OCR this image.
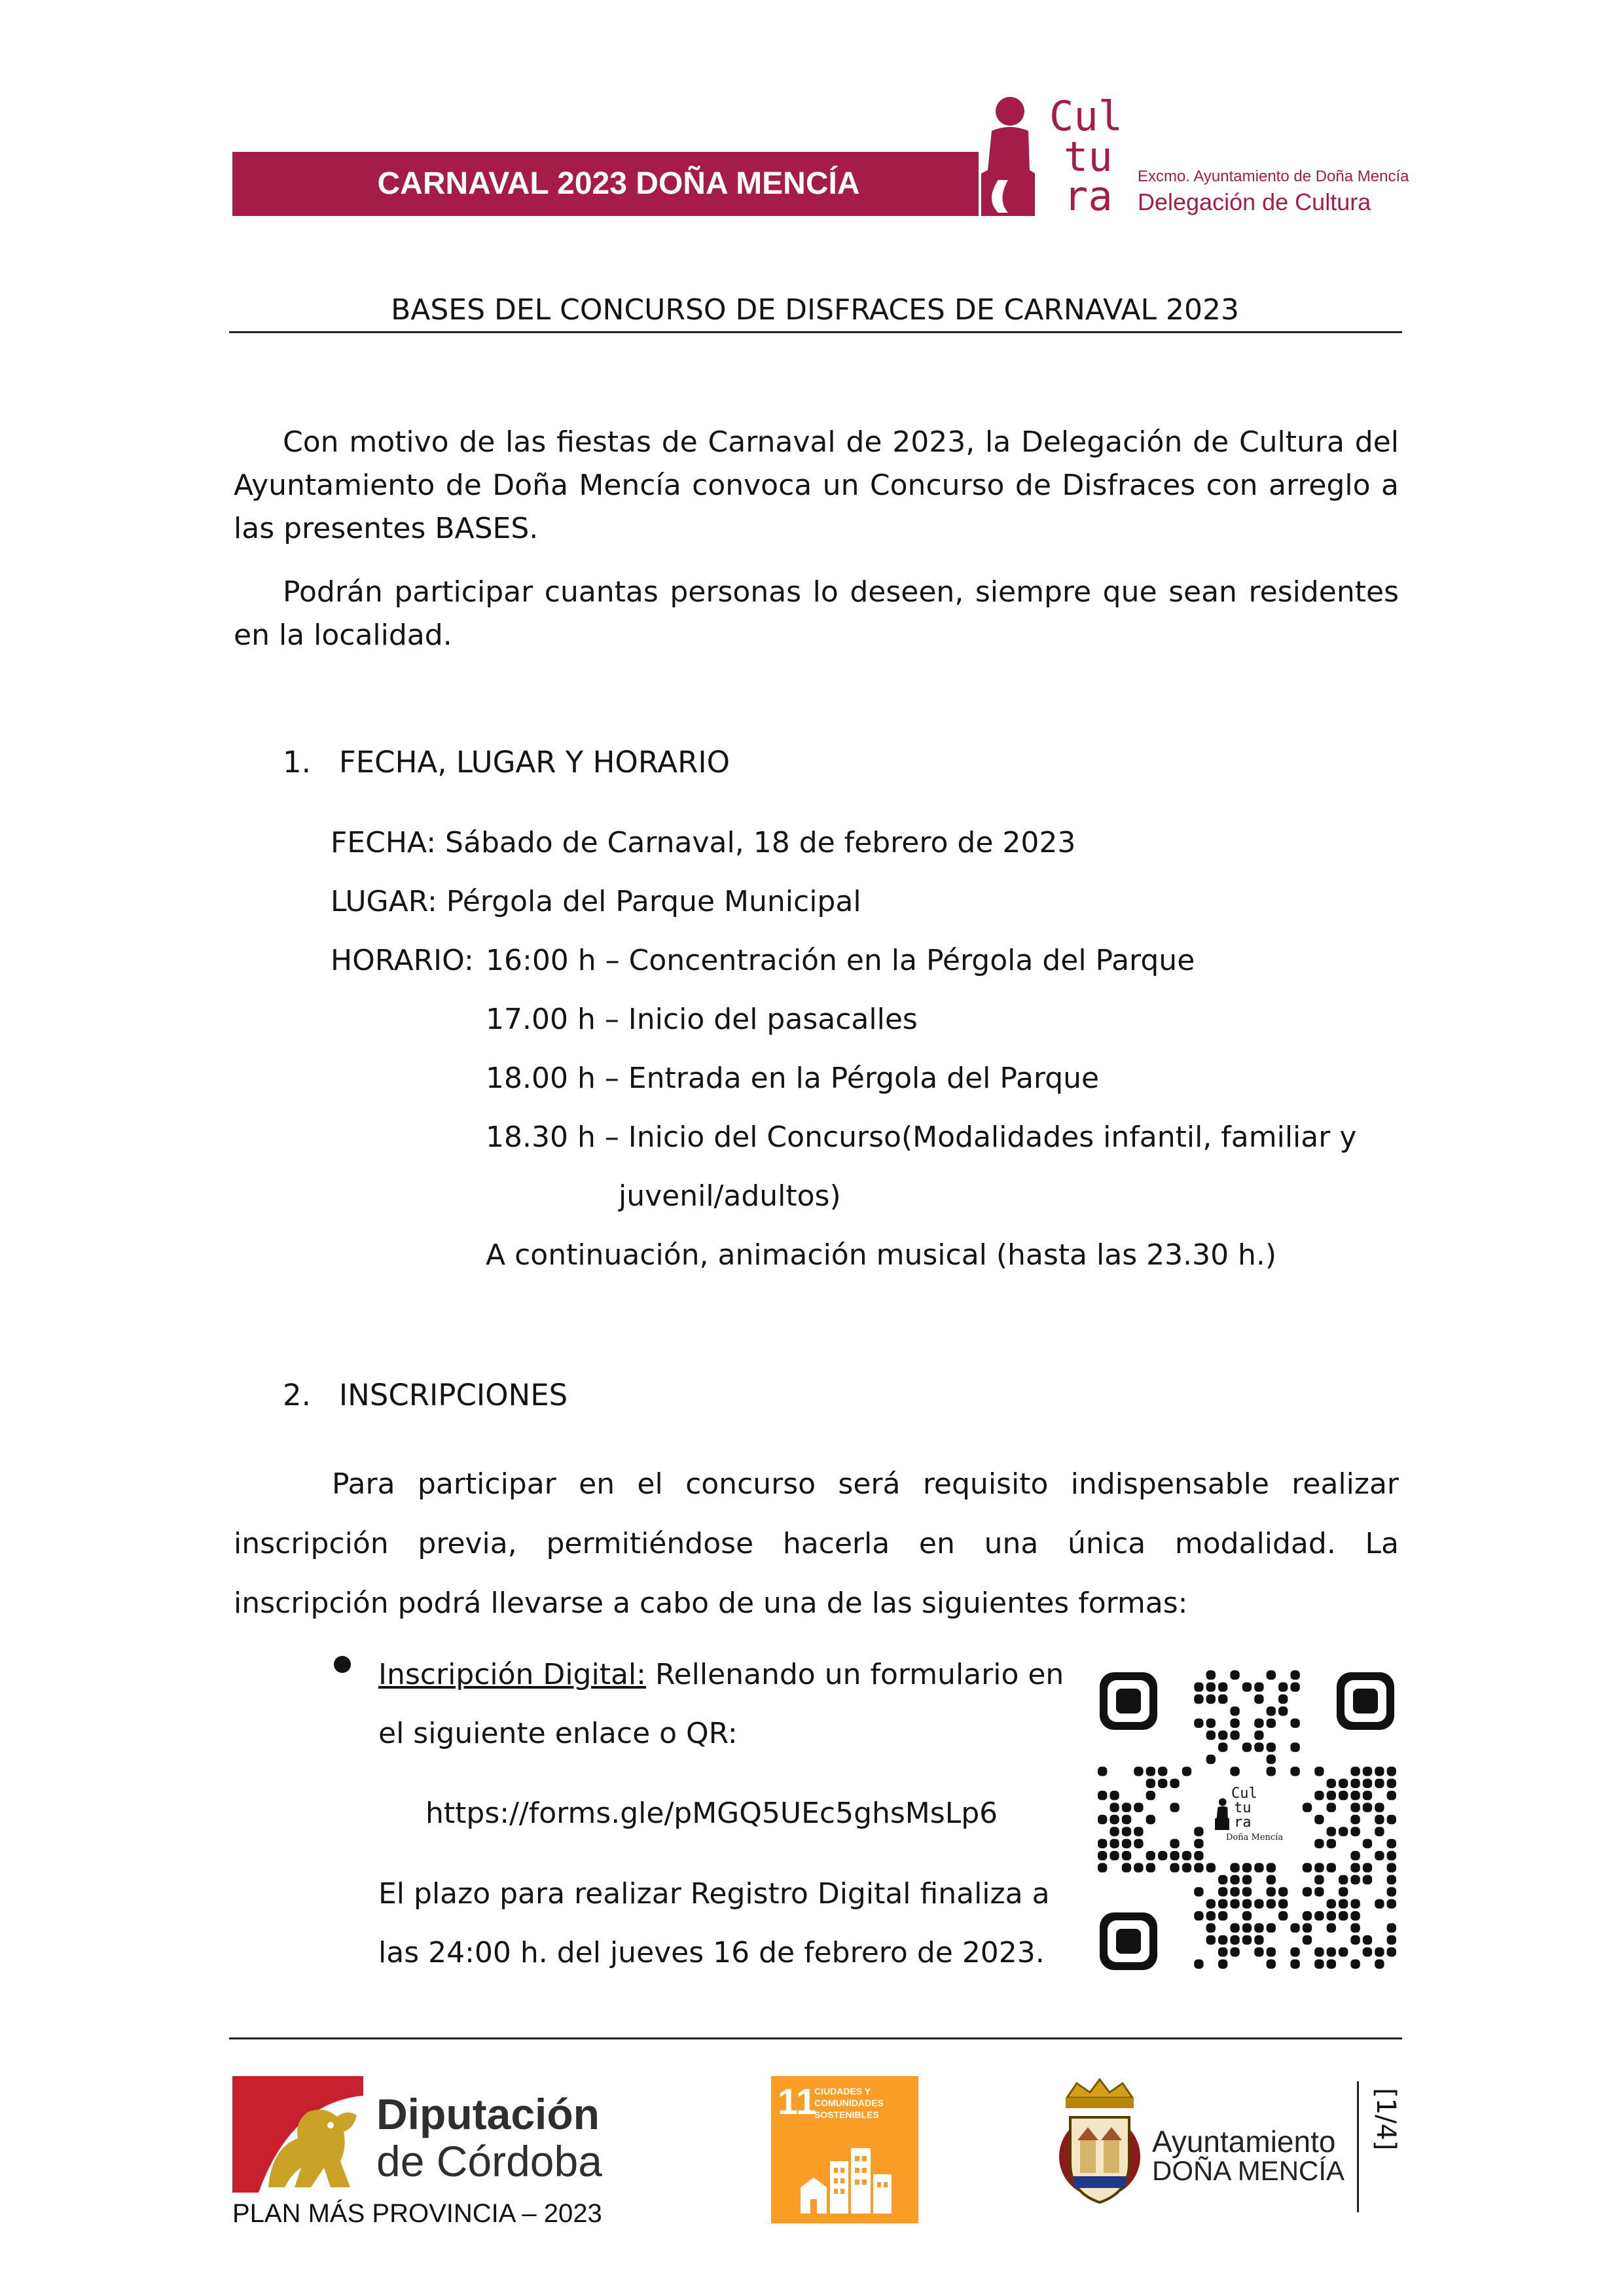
CARNAVAL 2023 DOÑA MENCÍA
Cul
tu
ra Excmo. Ayuntamiento de Doña Mencía
Delegación de Cultura
BASES DEL CONCURSO DE DISFRACES DE CARNAVAL 2023
Con motivo de las fiestas de Carnaval de 2023, la Delegación de Cultura del Ayuntamiento de Doña Mencía convoca un Concurso de Disfraces con arreglo a las presentes BASES.
Podrán participar cuantas personas lo deseen, siempre que sean residentes en la localidad.
1.   FECHA, LUGAR Y HORARIO
FECHA: Sábado de Carnaval, 18 de febrero de 2023
LUGAR: Pérgola del Parque Municipal
HORARIO: 16:00 h – Concentración en la Pérgola del Parque
17.00 h – Inicio del pasacalles
18.00 h – Entrada en la Pérgola del Parque
18.30 h – Inicio del Concurso(Modalidades infantil, familiar y
juvenil/adultos)
A continuación, animación musical (hasta las 23.30 h.)
2.   INSCRIPCIONES
Para participar en el concurso será requisito indispensable realizar inscripción previa, permitiéndose hacerla en una única modalidad. La inscripción podrá llevarse a cabo de una de las siguientes formas:
Inscripción Digital: Rellenando un formulario en
el siguiente enlace o QR:
https://forms.gle/pMGQ5UEc5ghsMsLp6
El plazo para realizar Registro Digital finaliza a
las 24:00 h. del jueves 16 de febrero de 2023.
Cul
tu
ra
Doña Mencía
Diputación
de Córdoba
PLAN MÁS PROVINCIA – 2023
11
CIUDADES Y
COMUNIDADES
SOSTENIBLES
Ayuntamiento
DOÑA MENCÍA
[1/4]
